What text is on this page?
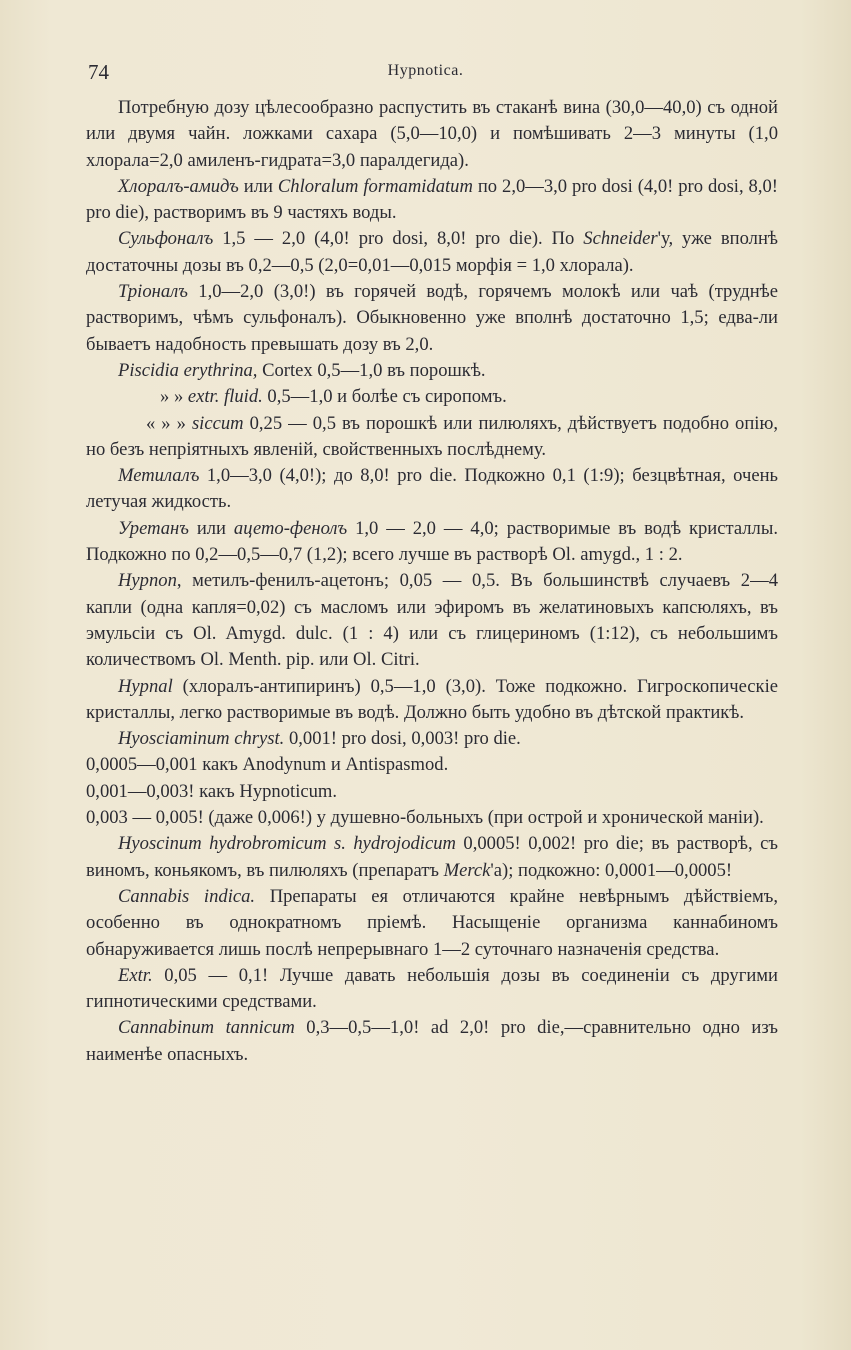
74	Hypnotica.

Потребную дозу цѣлесообразно распустить въ стаканѣ вина (30,0—40,0) съ одной или двумя чайн. ложками сахара (5,0—10,0) и помѣшивать 2—3 минуты (1,0 хлорала=2,0 амиленъ-гидрата=3,0 паралдегида).

Хлоралъ-амидъ или Chloralum formamidatum по 2,0—3,0 pro dosi (4,0! pro dosi, 8,0! pro die), растворимъ въ 9 частяхъ воды.

Сульфоналъ 1,5 — 2,0 (4,0! pro dosi, 8,0! pro die). По Schneider'у, уже вполнѣ достаточны дозы въ 0,2—0,5 (2,0=0,01—0,015 морфія = 1,0 хлорала).

Тріоналъ 1,0—2,0 (3,0!) въ горячей водѣ, горячемъ молокѣ или чаѣ (труднѣе растворимъ, чѣмъ сульфоналъ). Обыкновенно уже вполнѣ достаточно 1,5; едва-ли бываетъ надобность превышать дозу въ 2,0.

Piscidia erythrina, Cortex 0,5—1,0 въ порошкѣ.

» » extr. fluid. 0,5—1,0 и болѣе съ сиропомъ.

« » » siccum 0,25 — 0,5 въ порошкѣ или пилюляхъ, дѣйствуетъ подобно опію, но безъ непріятныхъ явленій, свойственныхъ послѣднему.

Метилалъ 1,0—3,0 (4,0!); до 8,0! pro die. Подкожно 0,1 (1:9); безцвѣтная, очень летучая жидкость.

Уретанъ или ацето-фенолъ 1,0 — 2,0 — 4,0; растворимые въ водѣ кристаллы. Подкожно по 0,2—0,5—0,7 (1,2); всего лучше въ растворѣ Ol. amygd., 1 : 2.

Hypnon, метилъ-фенилъ-ацетонъ; 0,05 — 0,5. Въ большинствѣ случаевъ 2—4 капли (одна капля=0,02) съ масломъ или эфиромъ въ желатиновыхъ капсюляхъ, въ эмульсіи съ Ol. Amygd. dulc. (1 : 4) или съ глицериномъ (1:12), съ небольшимъ количествомъ Ol. Menth. pip. или Ol. Citri.

Hypnal (хлоралъ-антипиринъ) 0,5—1,0 (3,0). Тоже подкожно. Гигроскопическіе кристаллы, легко растворимые въ водѣ. Должно быть удобно въ дѣтской практикѣ.

Hyosciaminum chryst. 0,001! pro dosi, 0,003! pro die.

0,0005—0,001 какъ Anodynum и Antispasmod.

0,001—0,003! какъ Hypnoticum.

0,003 — 0,005! (даже 0,006!) у душевно-больныхъ (при острой и хронической маніи).

Hyoscinum hydrobromicum s. hydrojodicum 0,0005! 0,002! pro die; въ растворѣ, съ виномъ, коньякомъ, въ пилюляхъ (препаратъ Merck'а); подкожно: 0,0001—0,0005!

Cannabis indica. Препараты ея отличаются крайне невѣрнымъ дѣйствіемъ, особенно въ однократномъ пріемѣ. Насыщеніе организма каннабиномъ обнаруживается лишь послѣ непрерывнаго 1—2 суточнаго назначенія средства.

Extr. 0,05 — 0,1! Лучше давать небольшія дозы въ соединеніи съ другими гипнотическими средствами.

Cannabinum tannicum 0,3—0,5—1,0! ad 2,0! pro die,—сравнительно одно изъ наименѣе опасныхъ.
